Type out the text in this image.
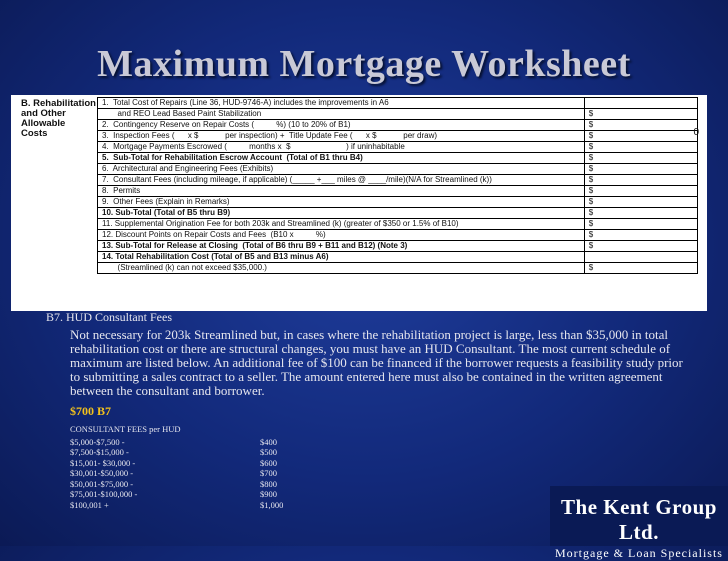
Maximum Mortgage Worksheet
B. Rehabilitation
and Other
Allowable
Costs
1.  Total Cost of Repairs (Line 36, HUD-9746-A) includes the improvements in A6
and REO Lead Based Paint Stabilization	$
2.  Contingency Reserve on Repair Costs (          %) (10 to 20% of B1)	$
3.  Inspection Fees (      x $            per inspection) +  Title Update Fee (      x $            per draw)	$
4.  Mortgage Payments Escrowed (          months x  $                         ) if uninhabitable	$
5.  Sub-Total for Rehabilitation Escrow Account  (Total of B1 thru B4)	$
6.  Architectural and Engineering Fees (Exhibits)	$
7.  Consultant Fees (including mileage, if applicable) (_____ +___ miles @ ____/mile)(N/A for Streamlined (k))	$
8.  Permits	$
9.  Other Fees (Explain in Remarks)	$
10. Sub-Total (Total of B5 thru B9)	$
11. Supplemental Origination Fee for both 203k and Streamlined (k) (greater of $350 or 1.5% of B10)	$
12. Discount Points on Repair Costs and Fees  (B10 x          %)	$
13. Sub-Total for Release at Closing  (Total of B6 thru B9 + B11 and B12) (Note 3)	$
14. Total Rehabilitation Cost (Total of B5 and B13 minus A6)
(Streamlined (k) can not exceed $35,000.)	$
0
B7. HUD Consultant Fees
Not necessary for 203k Streamlined but, in cases where the rehabilitation project is large, less than $35,000 in total rehabilitation cost or there are structural changes, you must have an HUD Consultant. The most current schedule of maximum are listed below. An additional fee of $100 can be financed if the borrower requests a feasibility study prior to submitting a sales contract to a seller. The amount entered here must also be contained in the written agreement between the consultant and borrower.
$700 B7
CONSULTANT FEES per HUD
$5,000-$7,500 -	$400
$7,500-$15,000 -	$500
$15,001- $30,000 -	$600
$30,001-$50,000 -	$700
$50,001-$75,000 -	$800
$75,001-$100,000 -	$900
$100,001 +	$1,000	The Kent Group Ltd.
Mortgage & Loan Specialists
